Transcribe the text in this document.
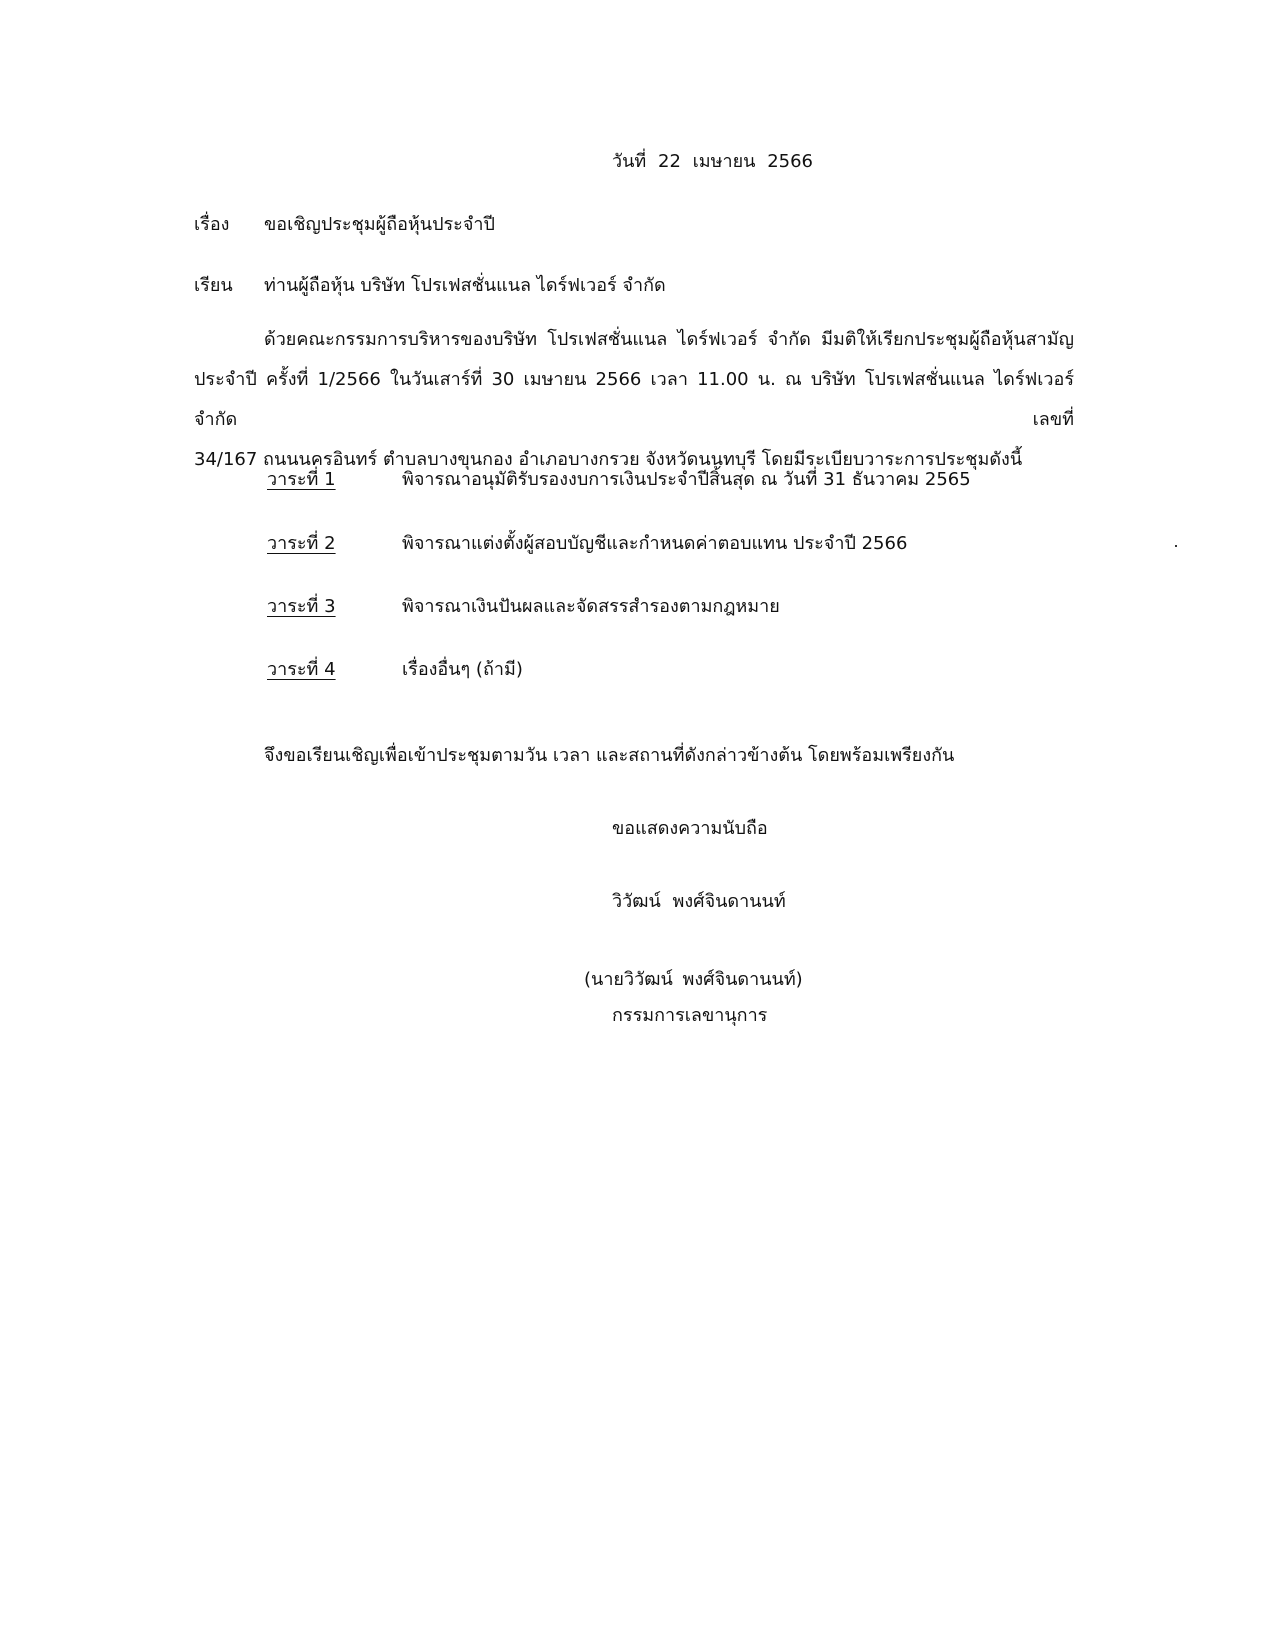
วันที่ 22 เมษายน 2566
เรื่อง ขอเชิญประชุมผู้ถือหุ้นประจำปี
เรียน ท่านผู้ถือหุ้น บริษัท โปรเฟสชั่นแนล ไดร์ฟเวอร์ จำกัด
ด้วยคณะกรรมการบริหารของบริษัท โปรเฟสชั่นแนล ไดร์ฟเวอร์ จำกัด มีมติให้เรียกประชุมผู้ถือหุ้นสามัญ
ประจำปี ครั้งที่ 1/2566 ในวันเสาร์ที่ 30 เมษายน 2566 เวลา 11.00 น. ณ บริษัท โปรเฟสชั่นแนล ไดร์ฟเวอร์ จำกัด เลขที่
34/167 ถนนนครอินทร์ ตำบลบางขุนกอง อำเภอบางกรวย จังหวัดนนทบุรี โดยมีระเบียบวาระการประชุมดังนี้
วาระที่ 1	พิจารณาอนุมัติรับรองงบการเงินประจำปีสิ้นสุด ณ วันที่ 31 ธันวาคม 2565
วาระที่ 2	พิจารณาแต่งตั้งผู้สอบบัญชีและกำหนดค่าตอบแทน ประจำปี 2566
วาระที่ 3	พิจารณาเงินปันผลและจัดสรรสำรองตามกฎหมาย
วาระที่ 4	เรื่องอื่นๆ (ถ้ามี)
จึงขอเรียนเชิญเพื่อเข้าประชุมตามวัน เวลา และสถานที่ดังกล่าวข้างต้น โดยพร้อมเพรียงกัน
ขอแสดงความนับถือ
วิวัฒน์ พงศ์จินดานนท์
(นายวิวัฒน์ พงศ์จินดานนท์)
กรรมการเลขานุการ
